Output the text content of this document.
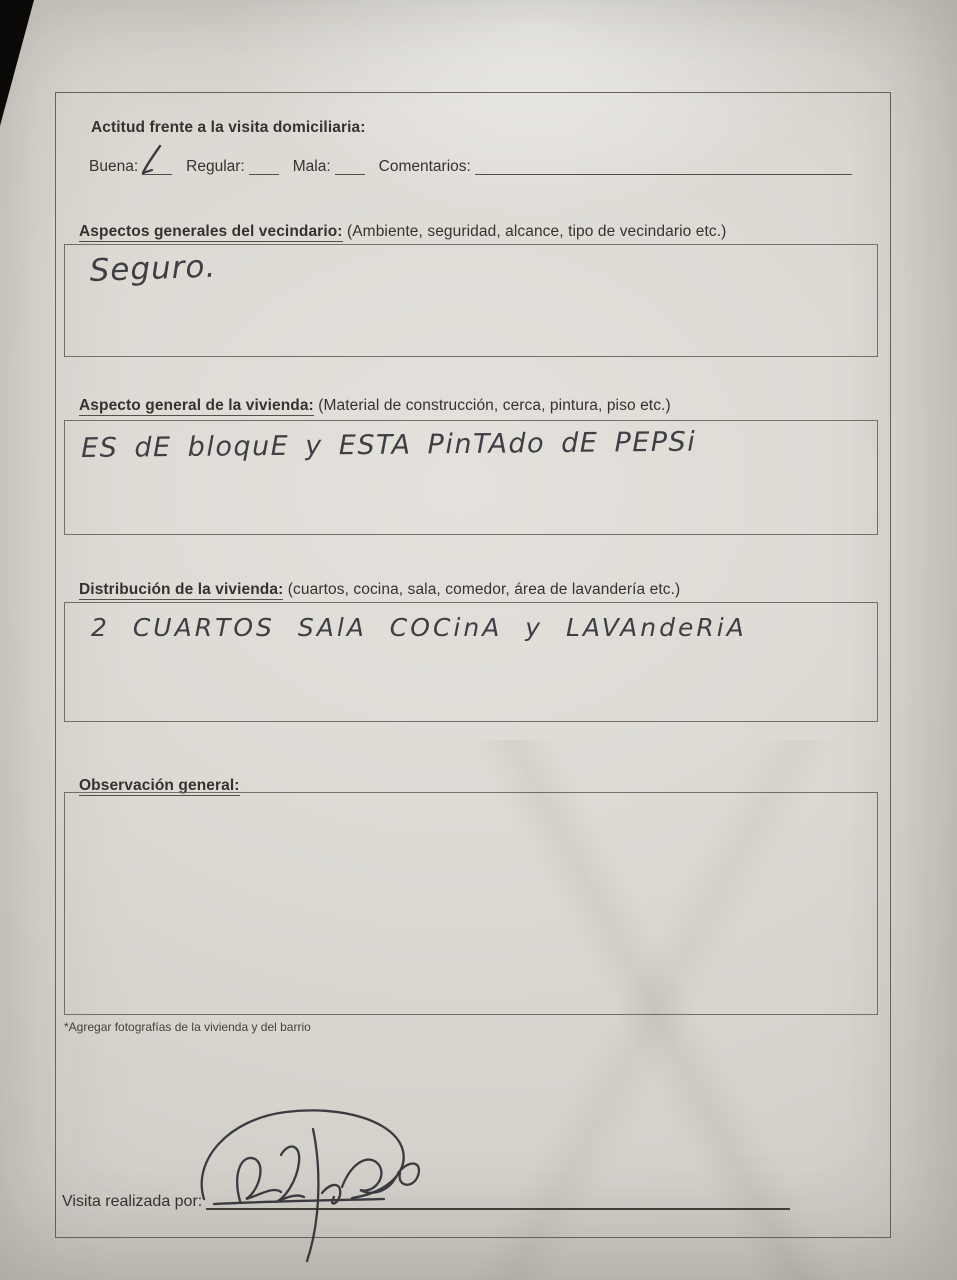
Actitud frente a la visita domiciliaria:
Buena:	Regular:	Mala:	Comentarios:
Aspectos generales del vecindario: (Ambiente, seguridad, alcance, tipo de vecindario etc.)
Seguro.
Aspecto general de la vivienda: (Material de construcción, cerca, pintura, piso etc.)
ES dE bloquE y ESTA PinTAdo dE PEPSi
Distribución de la vivienda: (cuartos, cocina, sala, comedor, área de lavandería etc.)
2 CUARTOS SAlA COCinA y LAVAndeRiA
Observación general:
*Agregar fotografías de la vivienda y del barrio
Visita realizada por:
